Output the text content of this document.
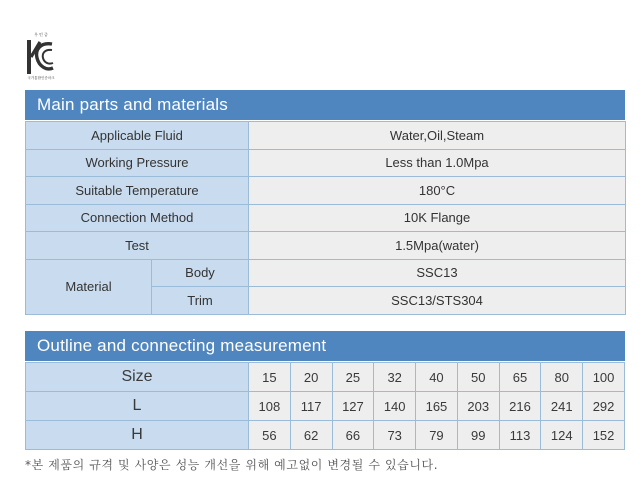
우 인 증
국가통합인증마크
Main parts and materials
Applicable Fluid		Water,Oil,Steam
Working Pressure		Less than 1.0Mpa
Suitable Temperature		180°C
Connection Method		10K Flange
Test		1.5Mpa(water)
Material	Body	SSC13
	Trim	SSC13/STS304
Outline and connecting measurement
Size	15	20	25	32	40	50	65	80	100
L	108	117	127	140	165	203	216	241	292
H	56	62	66	73	79	99	113	124	152
*본 제품의 규격 및 사양은 성능 개선을 위해 예고없이 변경될 수 있습니다.
